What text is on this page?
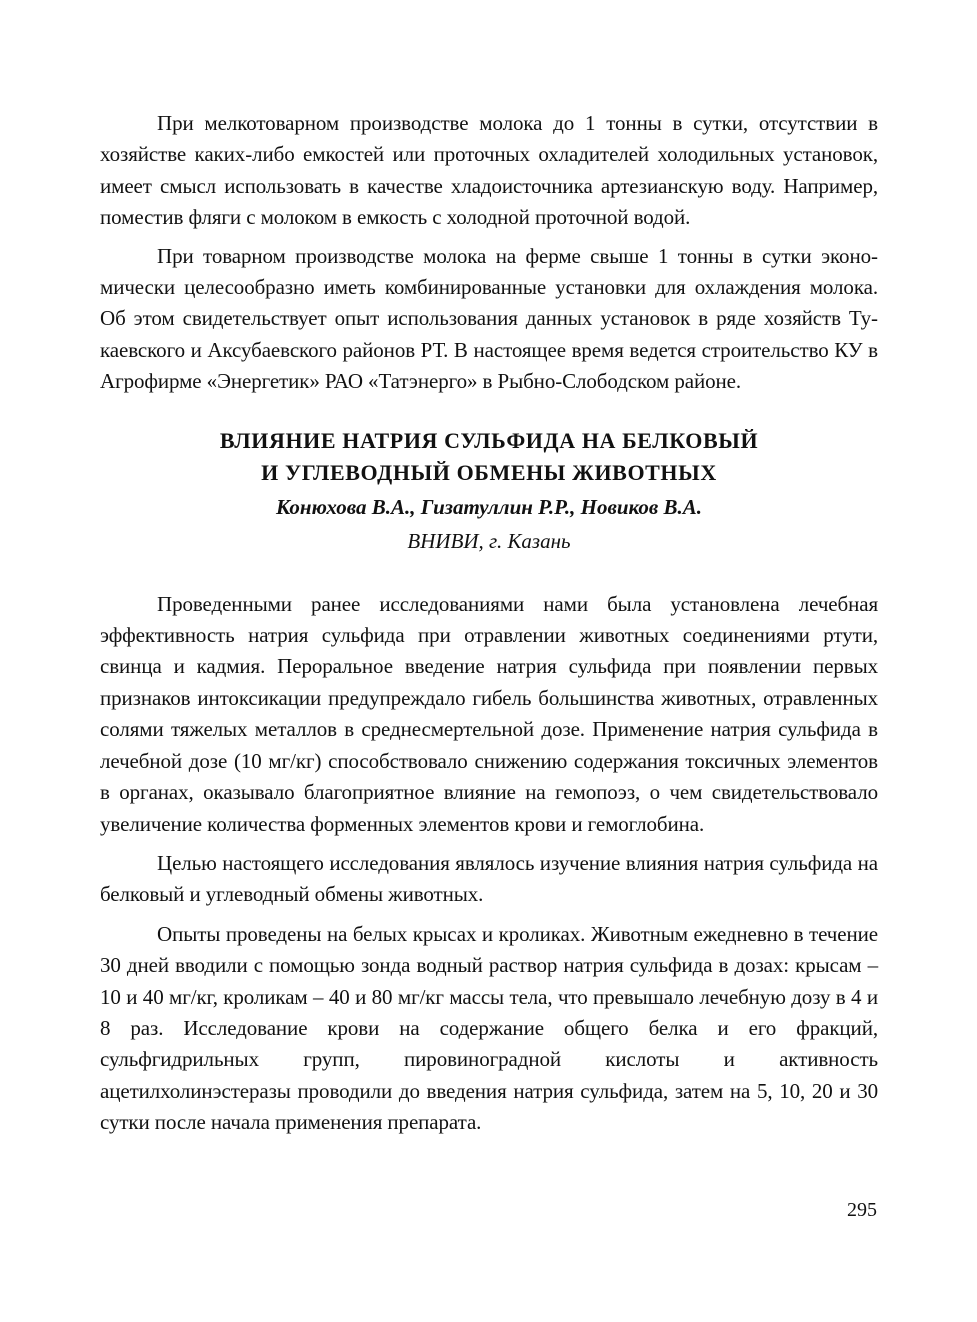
При мелкотоварном производстве молока до 1 тонны в сутки, отсутствии в хозяйстве каких-либо емкостей или проточных охладителей холодильных установок, имеет смысл использовать в качестве хладоисточника артезианскую воду. Например, поместив фляги с молоком в емкость с холодной проточной водой.

При товарном производстве молока на ферме свыше 1 тонны в сутки экономически целесообразно иметь комбинированные установки для охлаждения молока. Об этом свидетельствует опыт использования данных установок в ряде хозяйств Тукаевского и Аксубаевского районов РТ. В настоящее время ведется строительство КУ в Агрофирме «Энергетик» РАО «Татэнерго» в Рыбно-Слободском районе.

ВЛИЯНИЕ НАТРИЯ СУЛЬФИДА НА БЕЛКОВЫЙ
И УГЛЕВОДНЫЙ ОБМЕНЫ ЖИВОТНЫХ
Конюхова В.А., Гизатуллин Р.Р., Новиков В.А.
ВНИВИ, г. Казань

Проведенными ранее исследованиями нами была установлена лечебная эффективность натрия сульфида при отравлении животных соединениями ртути, свинца и кадмия. Пероральное введение натрия сульфида при появлении первых признаков интоксикации предупреждало гибель большинства животных, отравленных солями тяжелых металлов в среднесмертельной дозе. Применение натрия сульфида в лечебной дозе (10 мг/кг) способствовало снижению содержания токсичных элементов в органах, оказывало благоприятное влияние на гемопоэз, о чем свидетельствовало увеличение количества форменных элементов крови и гемоглобина.

Целью настоящего исследования являлось изучение влияния натрия сульфида на белковый и углеводный обмены животных.

Опыты проведены на белых крысах и кроликах. Животным ежедневно в течение 30 дней вводили с помощью зонда водный раствор натрия сульфида в дозах: крысам – 10 и 40 мг/кг, кроликам – 40 и 80 мг/кг массы тела, что превышало лечебную дозу в 4 и 8 раз. Исследование крови на содержание общего белка и его фракций, сульфгидрильных групп, пировиноградной кислоты и активность ацетилхолинэстеразы проводили до введения натрия сульфида, затем на 5, 10, 20 и 30 сутки после начала применения препарата.

295
